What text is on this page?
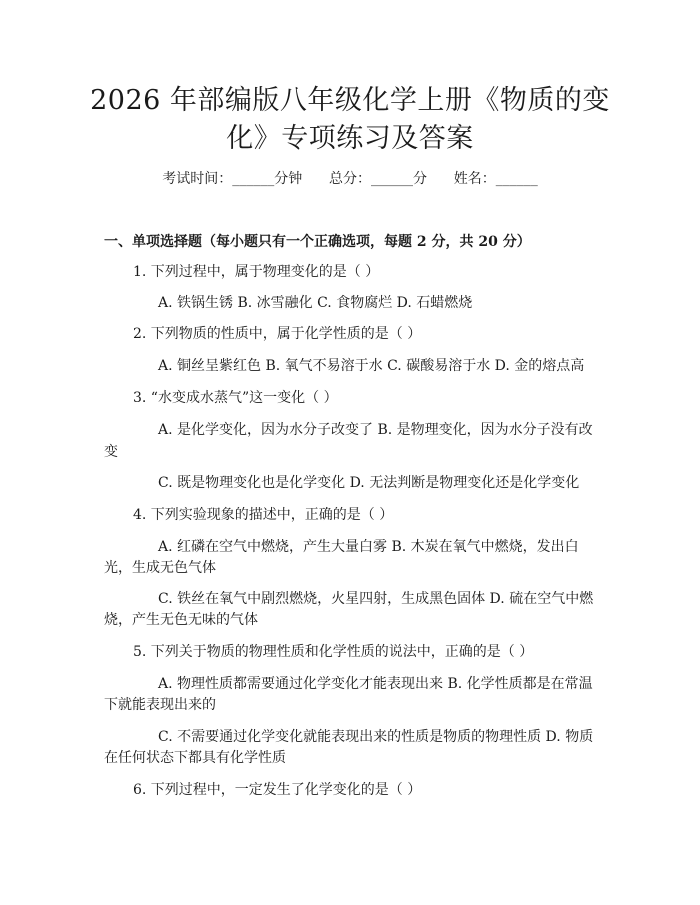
2026 年部编版八年级化学上册《物质的变
化》专项练习及答案
考试时间：______分钟      总分：______分      姓名：______
一、单项选择题（每小题只有一个正确选项，每题 2 分，共 20 分）
1. 下列过程中，属于物理变化的是（ ）
A. 铁锅生锈 B. 冰雪融化 C. 食物腐烂 D. 石蜡燃烧
2. 下列物质的性质中，属于化学性质的是（ ）
A. 铜丝呈紫红色 B. 氧气不易溶于水 C. 碳酸易溶于水 D. 金的熔点高
3. “水变成水蒸气”这一变化（ ）
A. 是化学变化，因为水分子改变了 B. 是物理变化，因为水分子没有改
变
C. 既是物理变化也是化学变化 D. 无法判断是物理变化还是化学变化
4. 下列实验现象的描述中，正确的是（ ）
A. 红磷在空气中燃烧，产生大量白雾 B. 木炭在氧气中燃烧，发出白
光，生成无色气体
C. 铁丝在氧气中剧烈燃烧，火星四射，生成黑色固体 D. 硫在空气中燃
烧，产生无色无味的气体
5. 下列关于物质的物理性质和化学性质的说法中，正确的是（ ）
A. 物理性质都需要通过化学变化才能表现出来 B. 化学性质都是在常温
下就能表现出来的
C. 不需要通过化学变化就能表现出来的性质是物质的物理性质 D. 物质
在任何状态下都具有化学性质
6. 下列过程中，一定发生了化学变化的是（ ）
